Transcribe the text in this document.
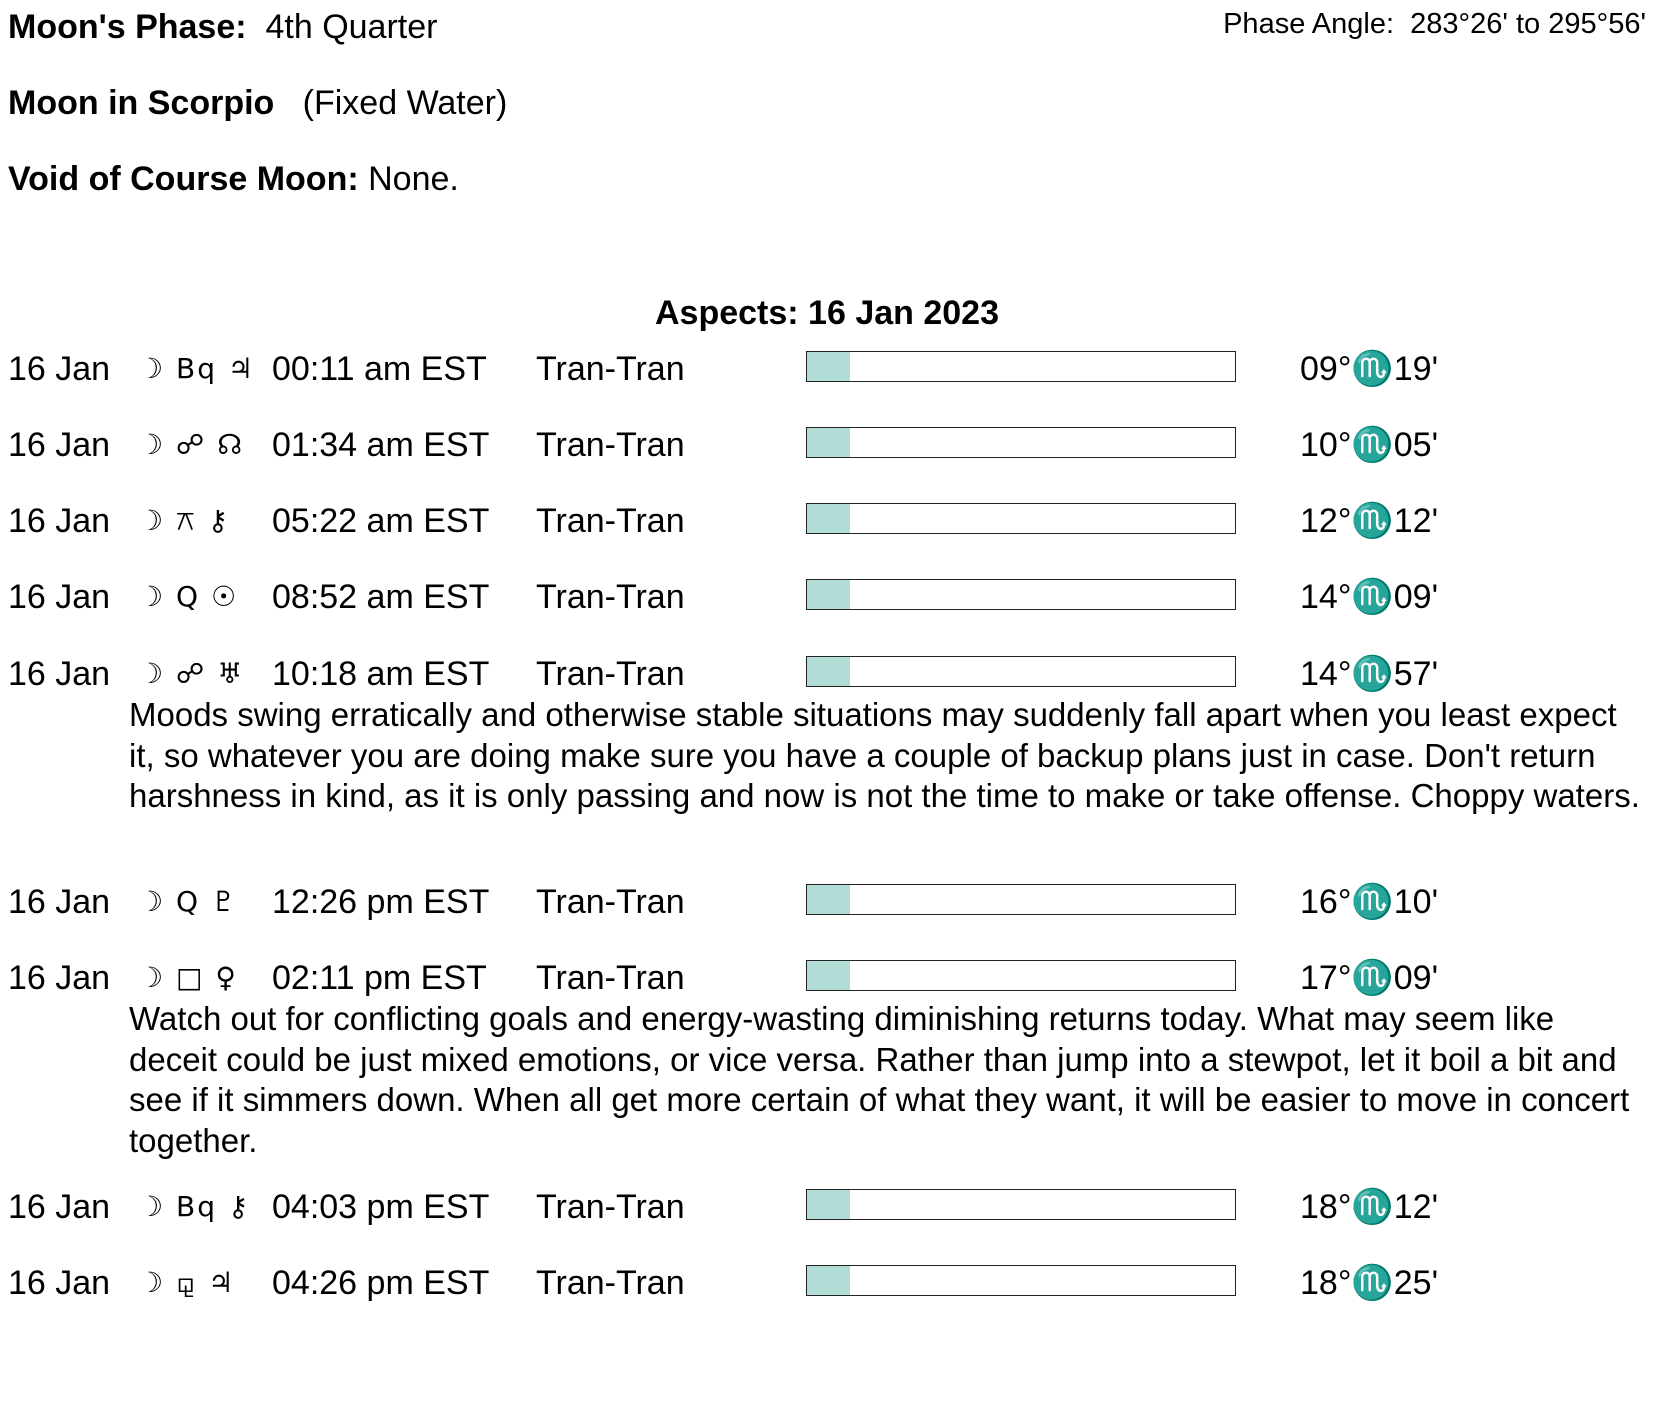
Moon's Phase: 4th Quarter	Phase Angle: 283°26' to 295°56'
Moon in Scorpio (Fixed Water)
Void of Course Moon: None.
Aspects: 16 Jan 2023
16 Jan ☽ Bq ♃ 00:11 am EST Tran-Tran	09°♏19'
16 Jan ☽ ☍ ☊ 01:34 am EST Tran-Tran	10°♏05'
16 Jan ☽ ⚻ ⚷ 05:22 am EST Tran-Tran	12°♏12'
16 Jan ☽ Q ☉ 08:52 am EST Tran-Tran	14°♏09'
16 Jan ☽ ☍ ♅ 10:18 am EST Tran-Tran	14°♏57'
Moods swing erratically and otherwise stable situations may suddenly fall apart when you least expect it, so whatever you are doing make sure you have a couple of backup plans just in case. Don't return harshness in kind, as it is only passing and now is not the time to make or take offense. Choppy waters.
16 Jan ☽ Q ♇ 12:26 pm EST Tran-Tran	16°♏10'
16 Jan ☽ □ ♀ 02:11 pm EST Tran-Tran	17°♏09'
Watch out for conflicting goals and energy-wasting diminishing returns today. What may seem like deceit could be just mixed emotions, or vice versa. Rather than jump into a stewpot, let it boil a bit and see if it simmers down. When all get more certain of what they want, it will be easier to move in concert together.
16 Jan ☽ Bq ⚷ 04:03 pm EST Tran-Tran	18°♏12'
16 Jan ☽ ⚼ ♃ 04:26 pm EST Tran-Tran	18°♏25'
